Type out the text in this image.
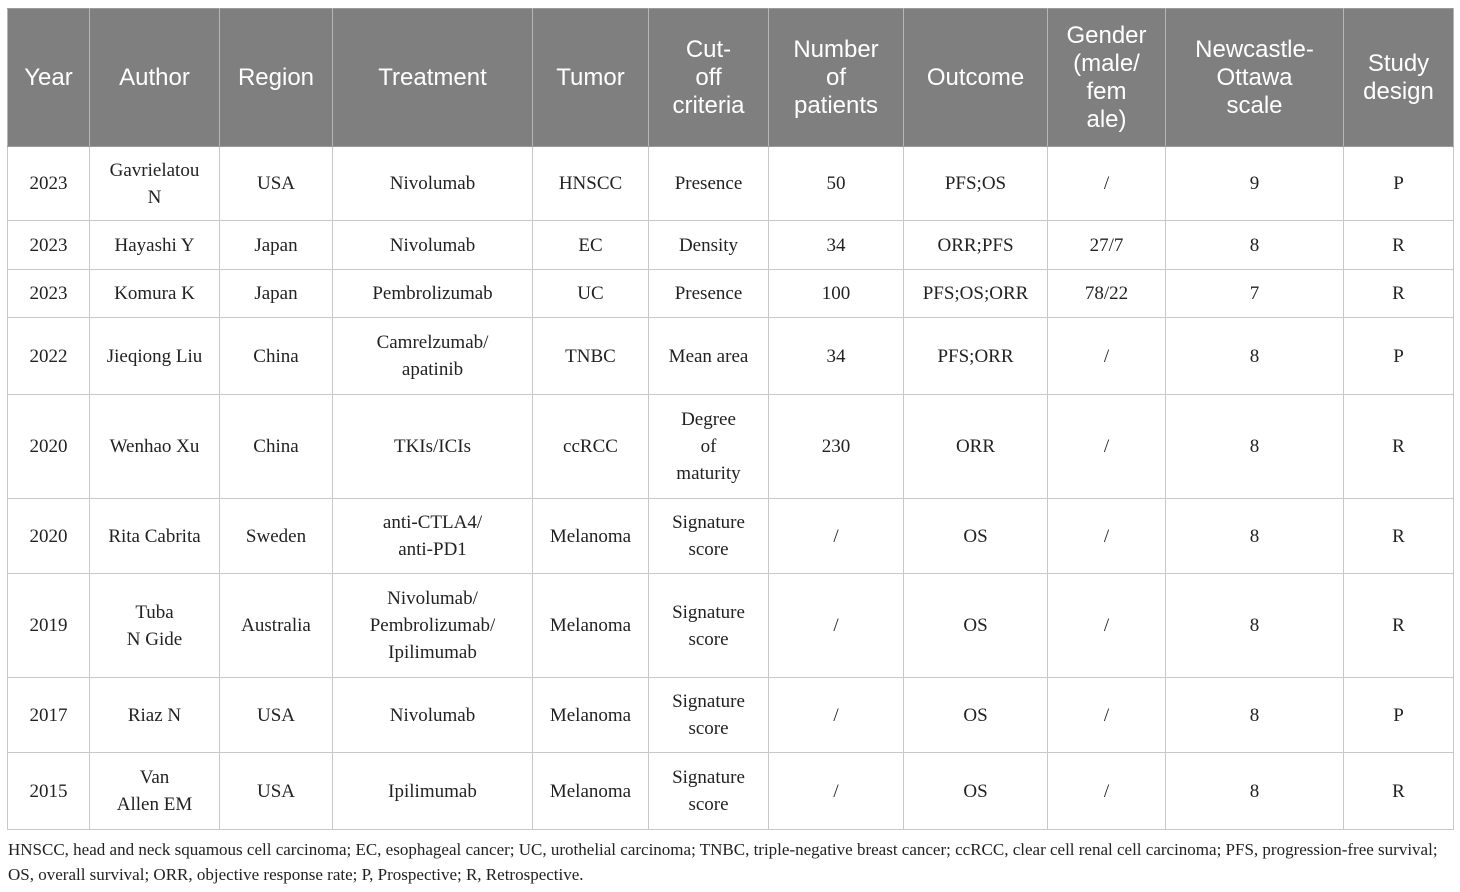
Year	Author	Region	Treatment	Tumor	Cut-
off
criteria	Number
of
patients	Outcome	Gender
(male/
fem
ale)	Newcastle-
Ottawa
scale	Study
design
2023	Gavrielatou
N	USA	Nivolumab	HNSCC	Presence	50	PFS;OS	/	9	P
2023	Hayashi Y	Japan	Nivolumab	EC	Density	34	ORR;PFS	27/7	8	R
2023	Komura K	Japan	Pembrolizumab	UC	Presence	100	PFS;OS;ORR	78/22	7	R
2022	Jieqiong Liu	China	Camrelzumab/
apatinib	TNBC	Mean area	34	PFS;ORR	/	8	P
2020	Wenhao Xu	China	TKIs/ICIs	ccRCC	Degree
of
maturity	230	ORR	/	8	R
2020	Rita Cabrita	Sweden	anti-CTLA4/
anti-PD1	Melanoma	Signature
score	/	OS	/	8	R
2019	Tuba
N Gide	Australia	Nivolumab/
Pembrolizumab/
Ipilimumab	Melanoma	Signature
score	/	OS	/	8	R
2017	Riaz N	USA	Nivolumab	Melanoma	Signature
score	/	OS	/	8	P
2015	Van
Allen EM	USA	Ipilimumab	Melanoma	Signature
score	/	OS	/	8	R

HNSCC, head and neck squamous cell carcinoma; EC, esophageal cancer; UC, urothelial carcinoma; TNBC, triple-negative breast cancer; ccRCC, clear cell renal cell carcinoma; PFS, progression-free survival; OS, overall survival; ORR, objective response rate; P, Prospective; R, Retrospective.
